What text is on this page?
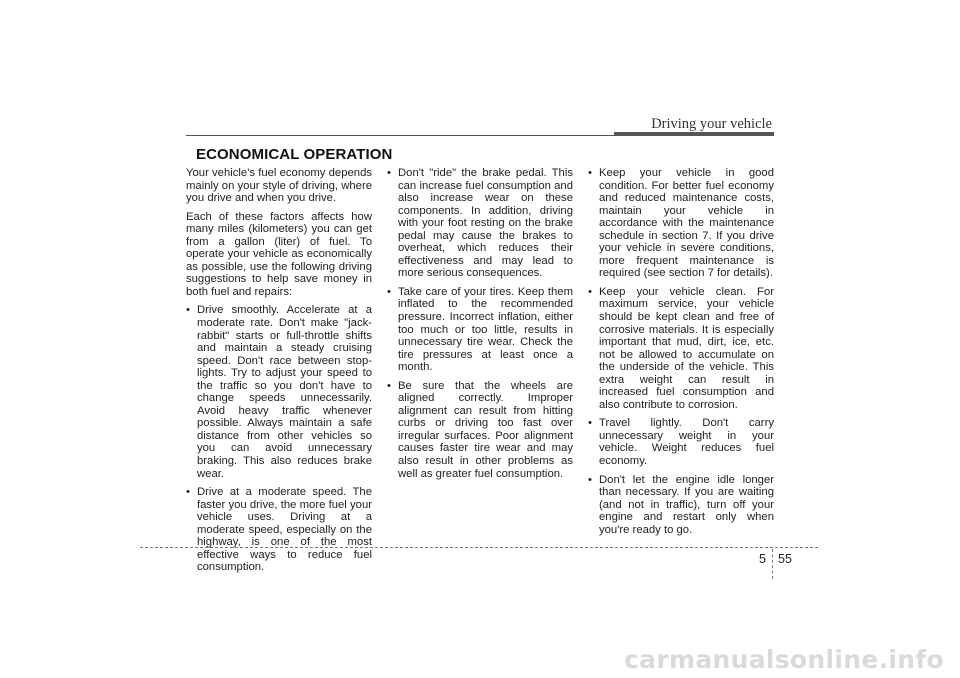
Driving your vehicle
ECONOMICAL OPERATION

Your vehicle's fuel economy depends mainly on your style of driving, where you drive and when you drive.

Each of these factors affects how many miles (kilometers) you can get from a gallon (liter) of fuel. To operate your vehicle as economically as possible, use the following driving suggestions to help save money in both fuel and repairs:

• Drive smoothly. Accelerate at a moderate rate. Don't make "jack-rabbit" starts or full-throttle shifts and maintain a steady cruising speed. Don't race between stop-lights. Try to adjust your speed to the traffic so you don't have to change speeds unnecessarily. Avoid heavy traffic whenever possible. Always maintain a safe distance from other vehicles so you can avoid unnecessary braking. This also reduces brake wear.
• Drive at a moderate speed. The faster you drive, the more fuel your vehicle uses. Driving at a moderate speed, especially on the highway, is one of the most effective ways to reduce fuel consumption.
• Don't "ride" the brake pedal. This can increase fuel consumption and also increase wear on these components. In addition, driving with your foot resting on the brake pedal may cause the brakes to overheat, which reduces their effectiveness and may lead to more serious consequences.
• Take care of your tires. Keep them inflated to the recommended pressure. Incorrect inflation, either too much or too little, results in unnecessary tire wear. Check the tire pressures at least once a month.
• Be sure that the wheels are aligned correctly. Improper alignment can result from hitting curbs or driving too fast over irregular surfaces. Poor alignment causes faster tire wear and may also result in other problems as well as greater fuel consumption.
• Keep your vehicle in good condition. For better fuel economy and reduced maintenance costs, maintain your vehicle in accordance with the maintenance schedule in section 7. If you drive your vehicle in severe conditions, more frequent maintenance is required (see section 7 for details).
• Keep your vehicle clean. For maximum service, your vehicle should be kept clean and free of corrosive materials. It is especially important that mud, dirt, ice, etc. not be allowed to accumulate on the underside of the vehicle. This extra weight can result in increased fuel consumption and also contribute to corrosion.
• Travel lightly. Don't carry unnecessary weight in your vehicle. Weight reduces fuel economy.
• Don't let the engine idle longer than necessary. If you are waiting (and not in traffic), turn off your engine and restart only when you're ready to go.
5 55
carmanualsonline.info
